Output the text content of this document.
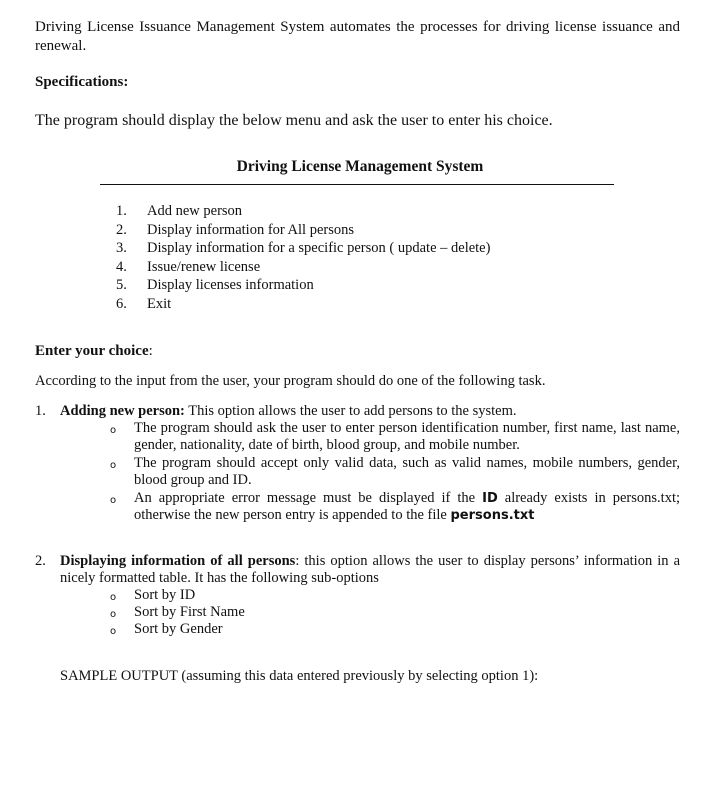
Driving License Issuance Management System automates the processes for driving license issuance and renewal.

Specifications:

The program should display the below menu and ask the user to enter his choice.

Driving License Management System

1.	Add new person
2.	Display information for All persons
3.	Display information for a specific person ( update – delete)
4.	Issue/renew license
5.	Display licenses information
6.	Exit

Enter your choice:

According to the input from the user, your program should do one of the following task.

1. Adding new person: This option allows the user to add persons to the system.

o	The program should ask the user to enter person identification number, first name, last name, gender, nationality, date of birth, blood group, and mobile number.
o	The program should accept only valid data, such as valid names, mobile numbers, gender, blood group and ID.
o	An appropriate error message must be displayed if the ID already exists in persons.txt; otherwise the new person entry is appended to the file persons.txt
2. Displaying information of all persons: this option allows the user to display persons’ information in a nicely formatted table. It has the following sub-options

o	Sort by ID
o	Sort by First Name
o	Sort by Gender

SAMPLE OUTPUT (assuming this data entered previously by selecting option 1):
